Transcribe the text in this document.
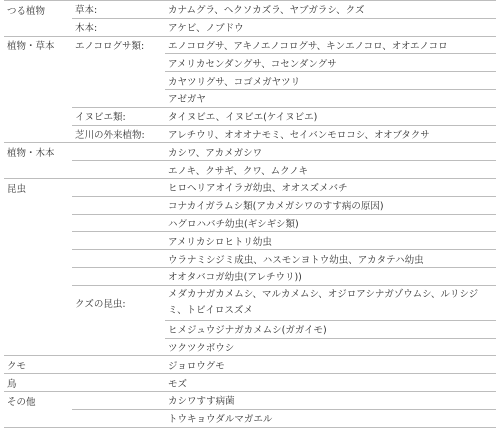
つる植物	草本:	カナムグラ、ヘクソカズラ、ヤブガラシ、クズ
	木本:	アケビ、ノブドウ
植物・草本	エノコログサ類:	エノコログサ、アキノエノコログサ、キンエノコロ、オオエノコロ
		アメリカセンダングサ、コセンダングサ
		カヤツリグサ、コゴメガヤツリ
		アゼガヤ
	イヌビエ類:	タイヌビエ、イヌビエ(ケイヌビエ)
	芝川の外来植物:	アレチウリ、オオオナモミ、セイバンモロコシ、オオブタクサ
植物・木本		カシワ、アカメガシワ
		エノキ、クサギ、クワ、ムクノキ
昆虫		ヒロヘリアオイラガ幼虫、オオスズメバチ
		コナカイガラムシ類(アカメガシワのすす病の原因)
		ハグロハバチ幼虫(ギシギシ類)
		アメリカシロヒトリ幼虫
		ウラナミシジミ成虫、ハスモンヨトウ幼虫、アカタテハ幼虫
		オオタバコガ幼虫(アレチウリ))
	クズの昆虫:	メダカナガカメムシ、マルカメムシ、オジロアシナガゾウムシ、ルリシジミ、トビイロスズメ
		ヒメジュウジナガカメムシ(ガガイモ)
		ツクツクボウシ
クモ		ジョロウグモ
鳥		モズ
その他		カシワすす病菌
		トウキョウダルマガエル
